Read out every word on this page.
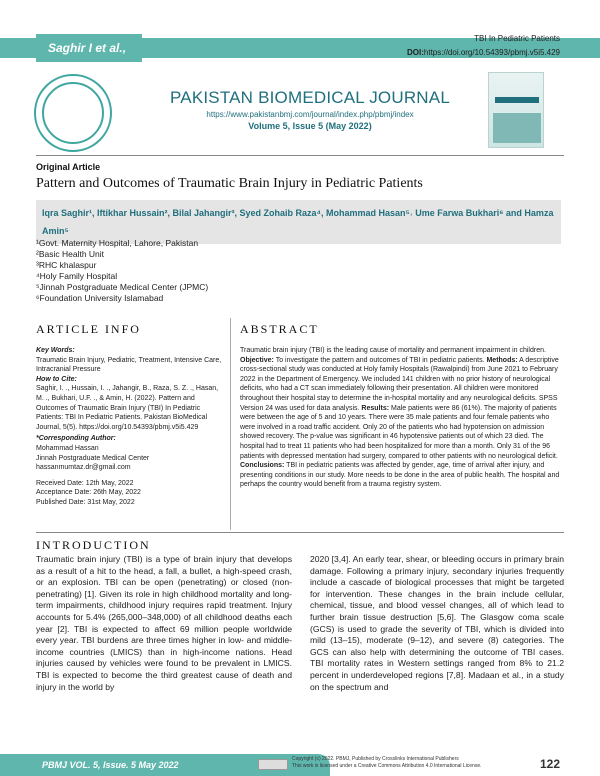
Saghir I et al.,
TBI In Pediatric Patients
DOI:https://doi.org/10.54393/pbmj.v5i5.429
PAKISTAN BIOMEDICAL JOURNAL
https://www.pakistanbmj.com/journal/index.php/pbmj/index
Volume 5, Issue 5 (May 2022)
Original Article
Pattern and Outcomes of Traumatic Brain Injury in Pediatric Patients
Iqra Saghir¹, Iftikhar Hussain², Bilal Jahangir³, Syed Zohaib Raza⁴, Mohammad Hasan⁵˒ Ume Farwa Bukhari⁶ and Hamza Amin⁵
¹Govt. Maternity Hospital, Lahore, Pakistan
²Basic Health Unit
³RHC khalaspur
⁴Holy Family Hospital
⁵Jinnah Postgraduate Medical Center (JPMC)
⁶Foundation University Islamabad
ARTICLE INFO	ABSTRACT
Key Words:
Traumatic Brain Injury, Pediatric, Treatment, Intensive Care, Intracranial Pressure
How to Cite:
Saghir, I. ., Hussain, I. ., Jahangir, B., Raza, S. Z. ., Hasan, M. ., Bukhari, U.F. ., & Amin, H. (2022). Pattern and Outcomes of Traumatic Brain Injury (TBI) In Pediatric Patients: TBI In Pediatric Patients. Pakistan BioMedical Journal, 5(5). https://doi.org/10.54393/pbmj.v5i5.429
*Corresponding Author:
Mohammad Hassan
Jinnah Postgraduate Medical Center
hassanmumtaz.dr@gmail.com
Received Date: 12th May, 2022
Acceptance Date: 26th May, 2022
Published Date: 31st May, 2022
Traumatic brain injury (TBI) is the leading cause of mortality and permanent impairment in children. Objective: To investigate the pattern and outcomes of TBI in pediatric patients. Methods: A descriptive cross-sectional study was conducted at Holy family Hospitals (Rawalpindi) from June 2021 to February 2022 in the Department of Emergency. We included 141 children with no prior history of neurological deficits, who had a CT scan immediately following their presentation. All children were monitored throughout their hospital stay to determine the in-hospital mortality and any neurological deficits. SPSS Version 24 was used for data analysis. Results: Male patients were 86 (61%). The majority of patients were between the age of 5 and 10 years. There were 35 male patients and four female patients who were involved in a road traffic accident. Only 20 of the patients who had hypotension on admission showed recovery. The p-value was significant in 46 hypotensive patients out of which 23 died. The hospital had to treat 11 patients who had been hospitalized for more than a month. Only 31 of the 96 patients with depressed mentation had surgery, compared to other patients with no neurological deficit. Conclusions: TBI in pediatric patients was affected by gender, age, time of arrival after injury, and presenting conditions in our study. More needs to be done in the area of public health. The hospital and perhaps the country would benefit from a trauma registry system.
INTRODUCTION
Traumatic brain injury (TBI) is a type of brain injury that develops as a result of a hit to the head, a fall, a bullet, a high-speed crash, or an explosion. TBI can be open (penetrating) or closed (non-penetrating) [1]. Given its role in high childhood mortality and long-term impairments, childhood injury requires rapid treatment. Injury accounts for 5.4% (265,000–348,000) of all childhood deaths each year [2]. TBI is expected to affect 69 million people worldwide every year. TBI burdens are three times higher in low- and middle-income countries (LMICS) than in high-income nations. Head injuries caused by vehicles were found to be prevalent in LMICS. TBI is expected to become the third greatest cause of death and injury in the world by
2020 [3,4]. An early tear, shear, or bleeding occurs in primary brain damage. Following a primary injury, secondary injuries frequently include a cascade of biological processes that might be targeted for intervention. These changes in the brain include cellular, chemical, tissue, and blood vessel changes, all of which lead to further brain tissue destruction [5,6]. The Glasgow coma scale (GCS) is used to grade the severity of TBI, which is divided into mild (13–15), moderate (9–12), and severe (8) categories. The GCS can also help with determining the outcome of TBI cases. TBI mortality rates in Western settings ranged from 8% to 21.2 percent in underdeveloped regions [7,8]. Madaan et al., in a study on the spectrum and
PBMJ VOL. 5, Issue. 5 May 2022
Copyright (c) 2022. PBMJ, Published by Crosslinks International Publishers
This work is licensed under a Creative Commons Attribution 4.0 International License.	122
